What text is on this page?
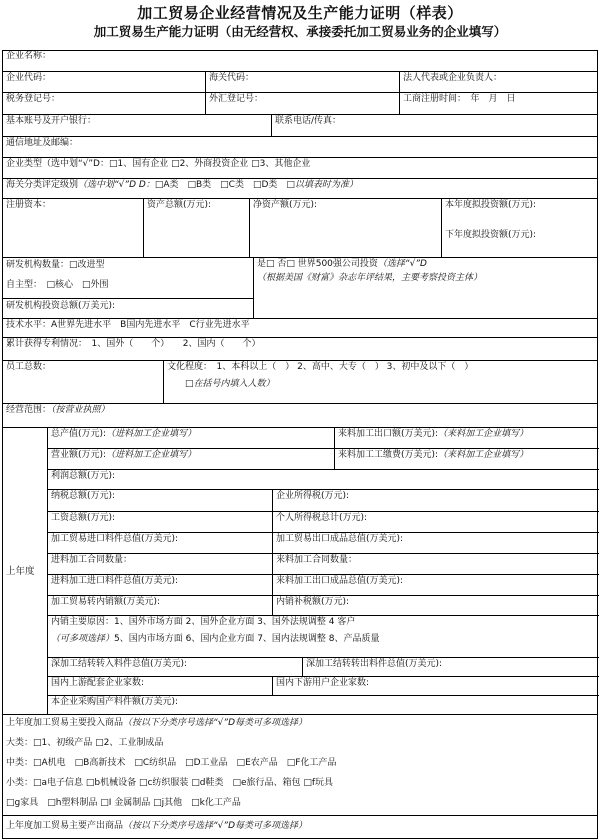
加工贸易企业经营情况及生产能力证明（样表）
加工贸易生产能力证明（由无经营权、承接委托加工贸易业务的企业填写）
企业名称：
企业代码：	海关代码：	法人代表或企业负责人：
税务登记号：	外汇登记号：	工商注册时间：　年　月　日
基本账号及开户银行：	联系电话/传真：
通信地址及邮编：
企业类型（选中划“√”D：□1、国有企业 □2、外商投资企业 □3、其他企业
海关分类评定级别（选中划“√”D D：□A类　□B类　□C类　□D类　□以填表时为准）
注册资本：	资产总额(万元):	净资产额(万元):	本年度拟投资额(万元):
下年度拟投资额(万元):
研发机构数量：□改进型
自主型：　□核心　□外围
研发机构投资总额(万美元):
是□ 否□ 世界500强公司投资（选择“√”D
（根据美国《财富》杂志年评结果，主要考察投资主体）
技术水平：A世界先进水平　B国内先进水平　C行业先进水平
累计获得专利情况：　1、国外（　　个）　　2、国内（　　个）
员工总数：	文化程度：　1、本科以上（　） 2、高中、大专（　） 3、初中及以下（　）
□在括号内填入人数）
经营范围：（按营业执照）
上年度
总产值(万元):（进料加工企业填写）	来料加工出口额(万美元):（来料加工企业填写）
营业额(万元):（进料加工企业填写）	来料加工工缴费(万美元):（来料加工企业填写）
利润总额(万元):
纳税总额(万元):	企业所得税(万元):
工资总额(万元):	个人所得税总计(万元):
加工贸易进口料件总值(万美元):	加工贸易出口成品总值(万美元):
进料加工合同数量：	来料加工合同数量：
进料加工进口料件总值(万美元):	来料加工出口成品总值(万美元):
加工贸易转内销额(万美元):	内销补税额(万元):
内销主要原因：1、国外市场方面 2、国外企业方面 3、国外法规调整 4 客户
（可多项选择）5、国内市场方面 6、国内企业方面 7、国内法规调整 8、产品质量
深加工结转转入料件总值(万美元):	深加工结转转出料件总值(万美元):
国内上游配套企业家数:	国内下游用户企业家数:
本企业采购国产料件额(万美元):
上年度加工贸易主要投入商品（按以下分类序号选择“√”D每类可多项选择）
大类：□1、初级产品 □2、工业制成品
中类：□A机电　□B高新技术　□C纺织品　□D工业品　□E农产品　□F化工产品
小类：□a电子信息 □b机械设备 □c纺织服装 □d鞋类　□e旅行品、箱包 □f玩具
□g家具　□h塑料制品 □I 金属制品 □j其他　□k化工产品
上年度加工贸易主要产出商品（按以下分类序号选择“√”D每类可多项选择）
